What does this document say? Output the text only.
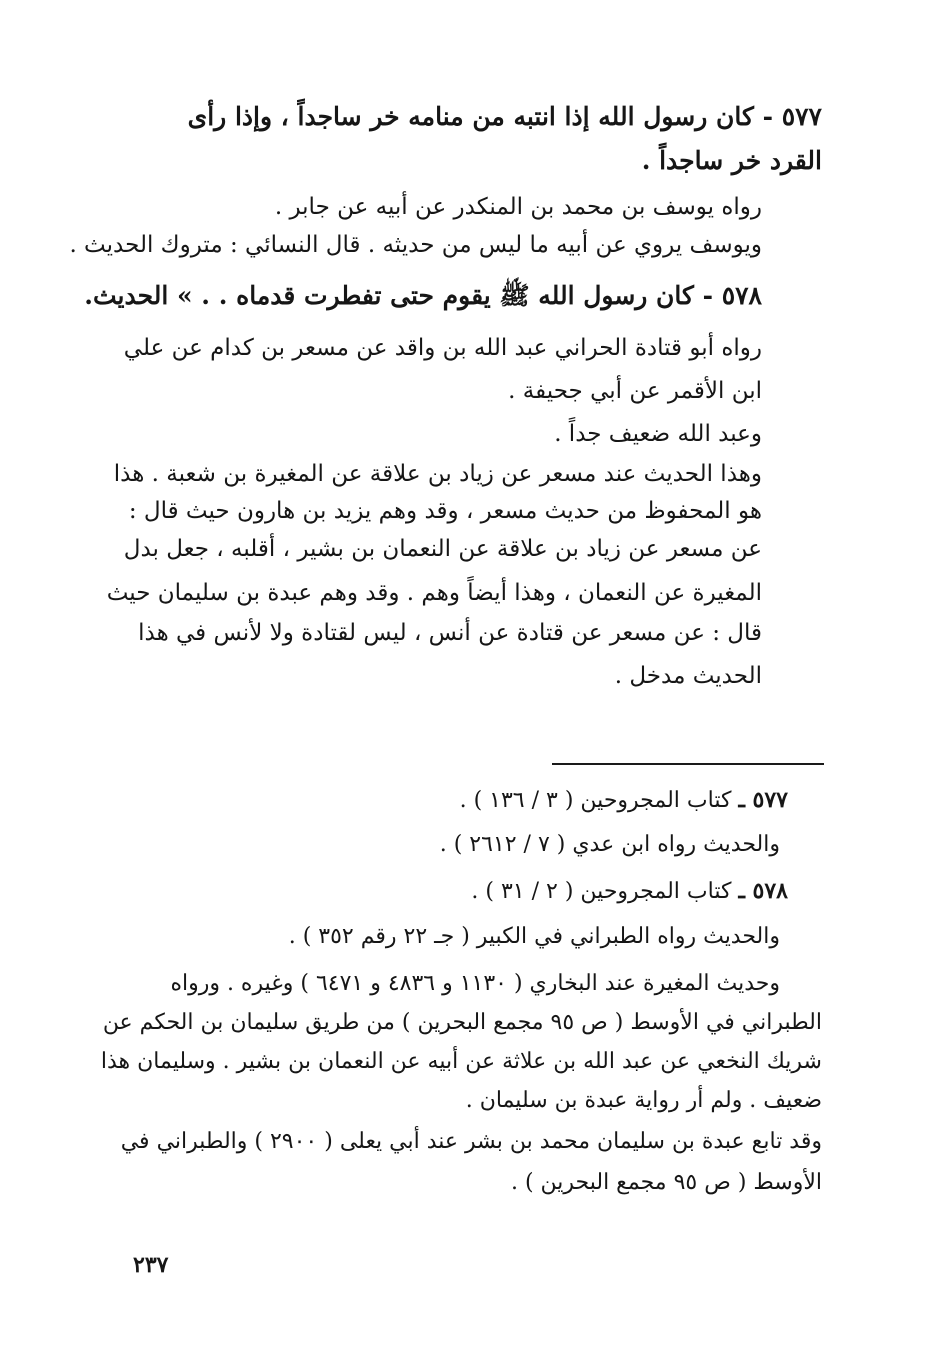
٥٧٧ - كان رسول الله إذا انتبه من منامه خر ساجداً ، وإذا رأى
القرد خر ساجداً .
رواه يوسف بن محمد بن المنكدر عن أبيه عن جابر .
ويوسف يروي عن أبيه ما ليس من حديثه . قال النسائي : متروك الحديث .
٥٧٨ - كان رسول الله ﷺ يقوم حتى تفطرت قدماه . . » الحديث.
رواه أبو قتادة الحراني عبد الله بن واقد عن مسعر بن كدام عن علي
ابن الأقمر عن أبي جحيفة .
وعبد الله ضعيف جداً .
وهذا الحديث عند مسعر عن زياد بن علاقة عن المغيرة بن شعبة . هذا
هو المحفوظ من حديث مسعر ، وقد وهم يزيد بن هارون حيث قال :
عن مسعر عن زياد بن علاقة عن النعمان بن بشير ، أقلبه ، جعل بدل
المغيرة عن النعمان ، وهذا أيضاً وهم . وقد وهم عبدة بن سليمان حيث
قال : عن مسعر عن قتادة عن أنس ، ليس لقتادة ولا لأنس في هذا
الحديث مدخل .
٥٧٧ ـ كتاب المجروحين ( ٣ / ١٣٦ ) .
والحديث رواه ابن عدي ( ٧ / ٢٦١٢ ) .
٥٧٨ ـ كتاب المجروحين ( ٢ / ٣١ ) .
والحديث رواه الطبراني في الكبير ( جـ ٢٢ رقم ٣٥٢ ) .
وحديث المغيرة عند البخاري ( ١١٣٠ و ٤٨٣٦ و ٦٤٧١ ) وغيره . ورواه
الطبراني في الأوسط ( ص ٩٥ مجمع البحرين ) من طريق سليمان بن الحكم عن
شريك النخعي عن عبد الله بن علاثة عن أبيه عن النعمان بن بشير . وسليمان هذا
ضعيف . ولم أر رواية عبدة بن سليمان .
وقد تابع عبدة بن سليمان محمد بن بشر عند أبي يعلى ( ٢٩٠٠ ) والطبراني في
الأوسط ( ص ٩٥ مجمع البحرين ) .
٢٣٧
